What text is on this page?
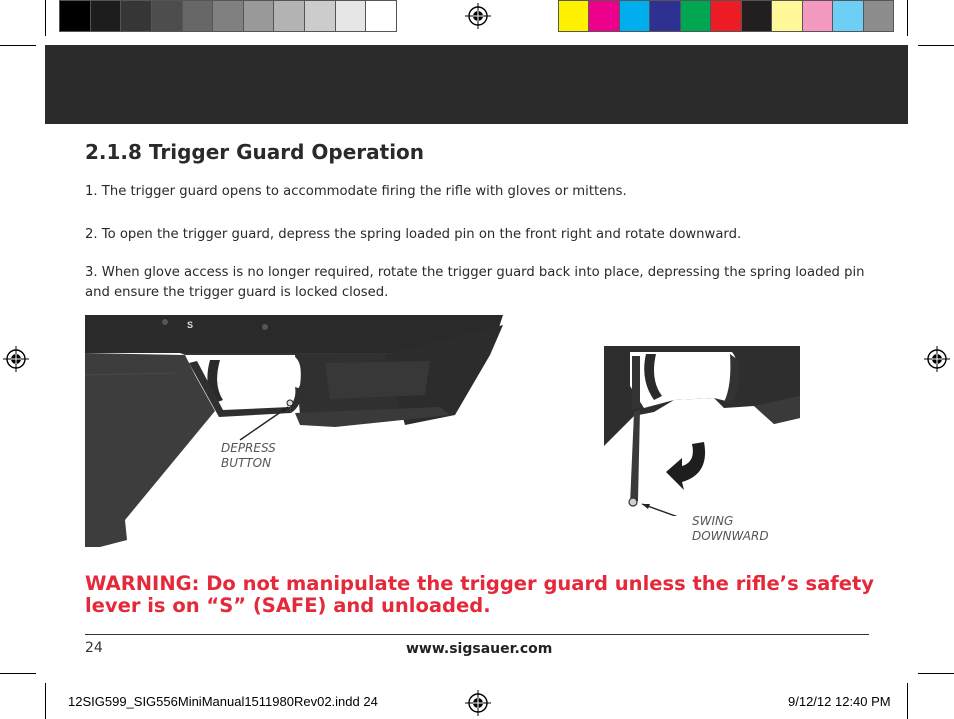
2.1.8 Trigger Guard Operation
1. The trigger guard opens to accommodate firing the rifle with gloves or mittens.
2. To open the trigger guard, depress the spring loaded pin on the front right and rotate downward.
3. When glove access is no longer required, rotate the trigger guard back into place, depressing the spring loaded pin
and ensure the trigger guard is locked closed.
S
DEPRESS
BUTTON
SWING
DOWNWARD
WARNING: Do not manipulate the trigger guard unless the rifle’s safety lever is on “S” (SAFE) and unloaded.
24	www.sigsauer.com
12SIG599_SIG556MiniManual1511980Rev02.indd 24	9/12/12 12:40 PM
